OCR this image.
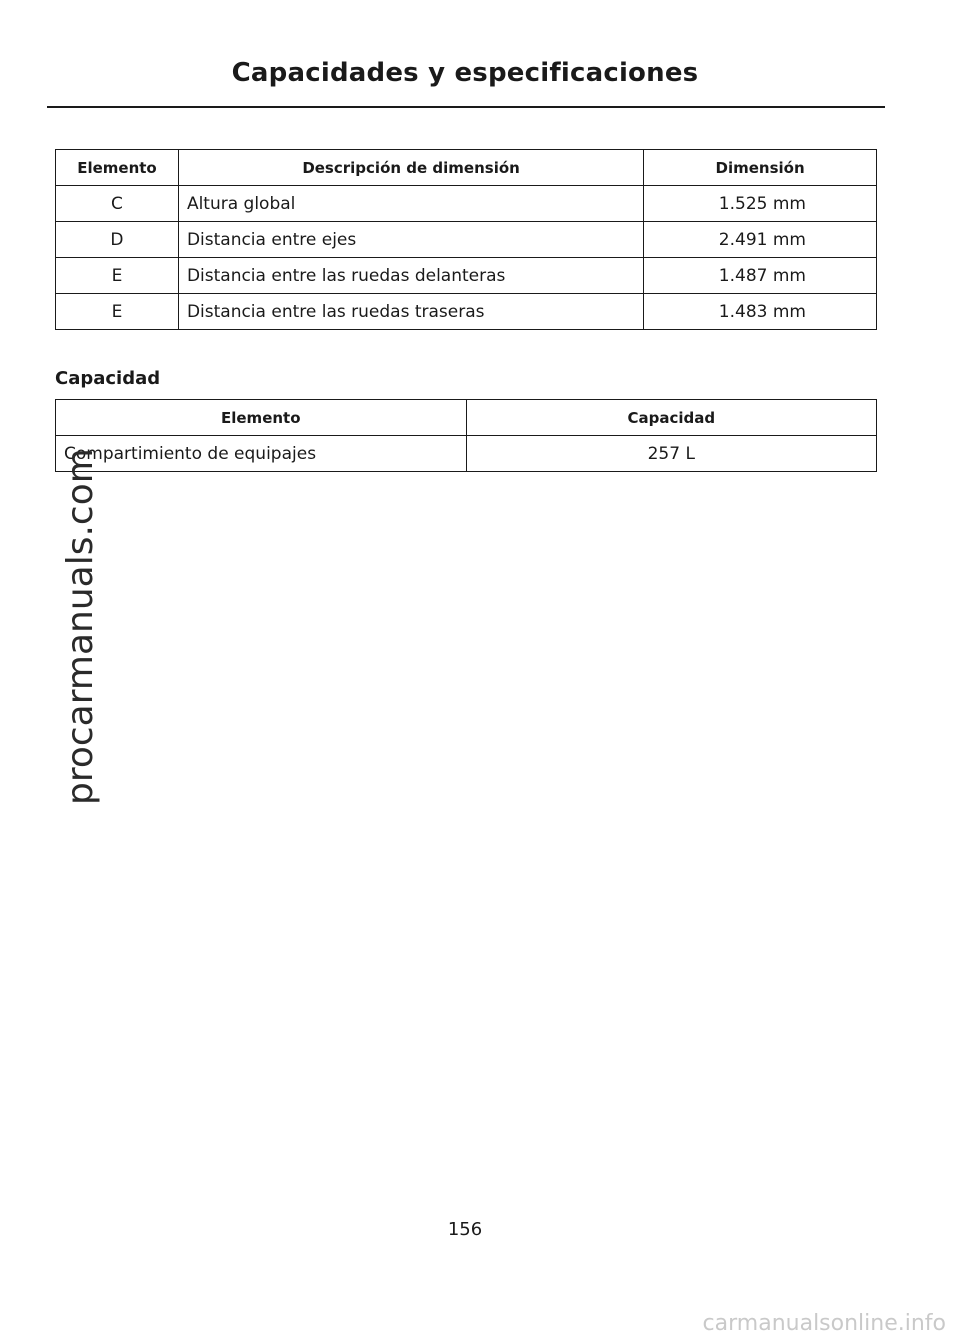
Capacidades y especificaciones
Elemento	Descripción de dimensión	Dimensión
C	Altura global	1.525 mm
D	Distancia entre ejes	2.491 mm
E	Distancia entre las ruedas delanteras	1.487 mm
E	Distancia entre las ruedas traseras	1.483 mm
Capacidad
Elemento	Capacidad
Compartimiento de equipajes	257 L
156
procarmanuals.com
carmanualsonline.info
